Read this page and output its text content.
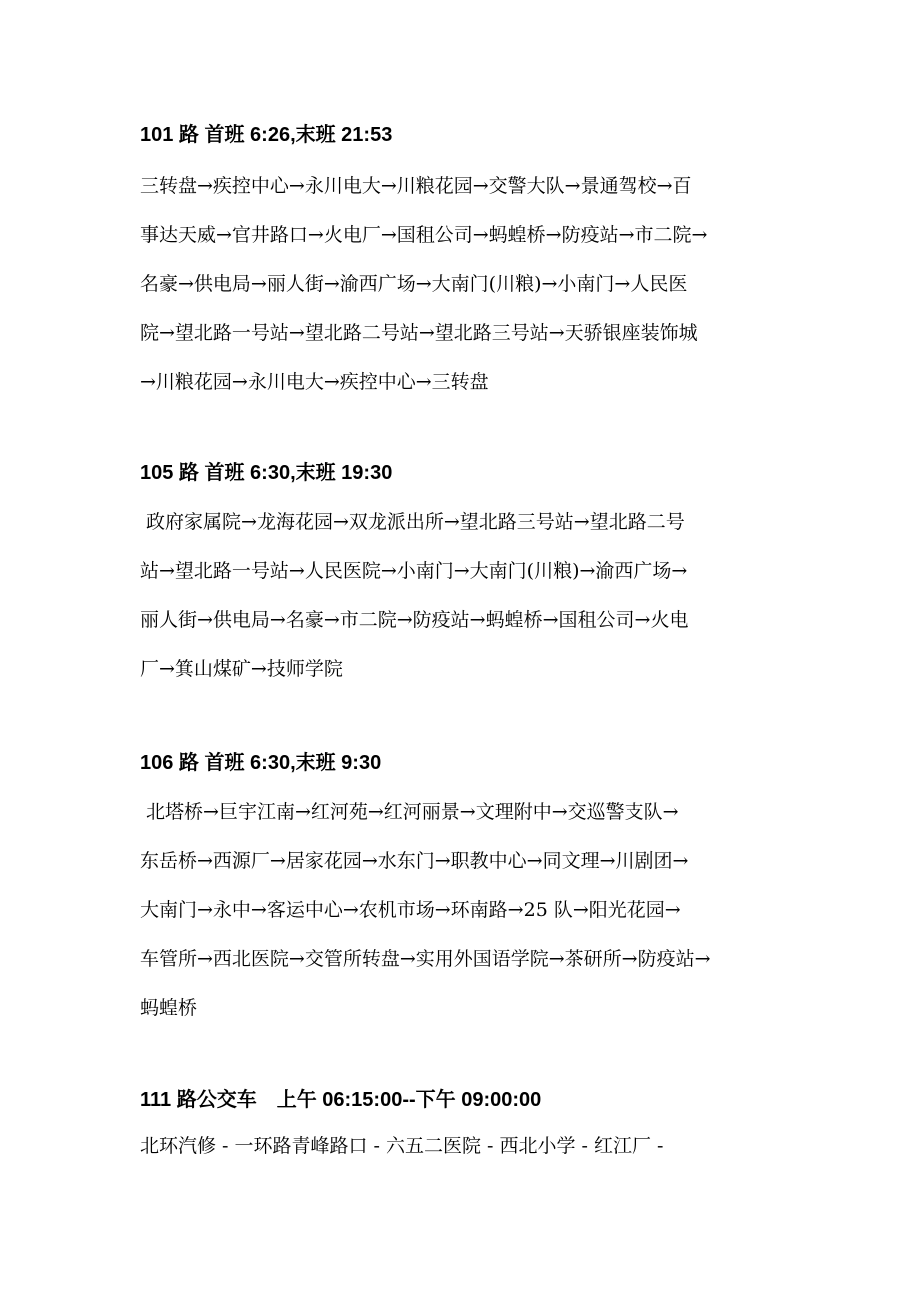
101 路 首班 6:26,末班 21:53
三转盘→疾控中心→永川电大→川粮花园→交警大队→景通驾校→百
事达天威→官井路口→火电厂→国租公司→蚂蝗桥→防疫站→市二院→
名豪→供电局→丽人街→渝西广场→大南门(川粮)→小南门→人民医
院→望北路一号站→望北路二号站→望北路三号站→天骄银座装饰城
→川粮花园→永川电大→疾控中心→三转盘
105 路 首班 6:30,末班 19:30
政府家属院→龙海花园→双龙派出所→望北路三号站→望北路二号
站→望北路一号站→人民医院→小南门→大南门(川粮)→渝西广场→
丽人街→供电局→名豪→市二院→防疫站→蚂蝗桥→国租公司→火电
厂→箕山煤矿→技师学院
106 路 首班 6:30,末班 9:30
北塔桥→巨宇江南→红河苑→红河丽景→文理附中→交巡警支队→
东岳桥→西源厂→居家花园→水东门→职教中心→同文理→川剧团→
大南门→永中→客运中心→农机市场→环南路→25 队→阳光花园→
车管所→西北医院→交管所转盘→实用外国语学院→茶研所→防疫站→
蚂蝗桥
111 路公交车　上午 06:15:00--下午 09:00:00
北环汽修 - 一环路青峰路口 - 六五二医院 - 西北小学 - 红江厂 -
